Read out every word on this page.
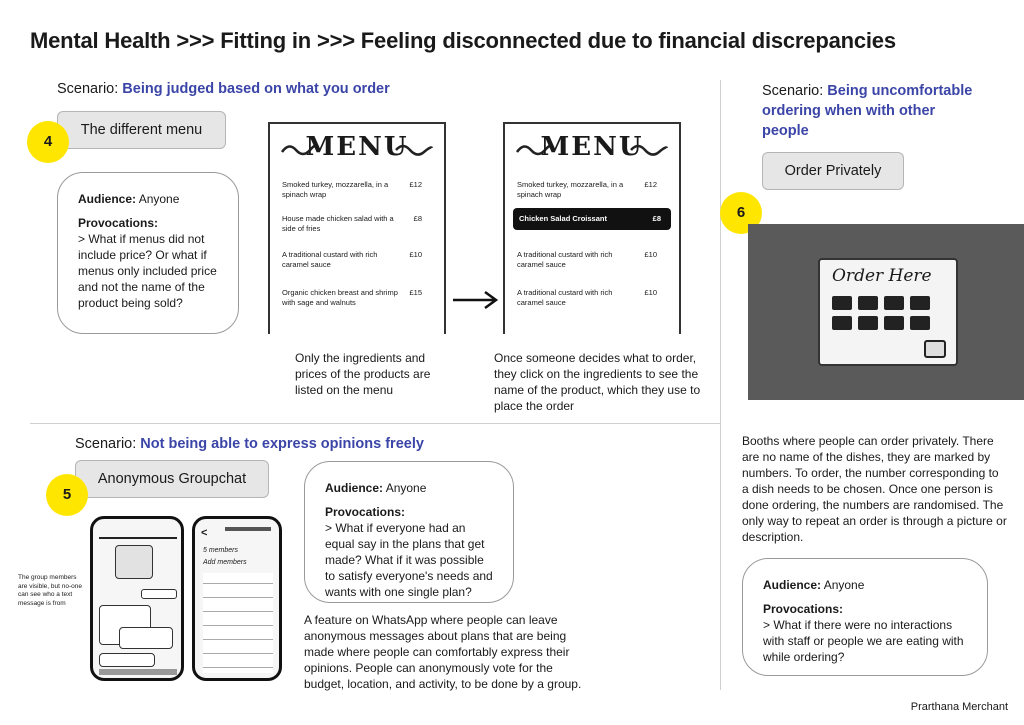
Mental Health >>> Fitting in >>> Feeling disconnected due to financial discrepancies
Scenario: Being judged based on what you order
The different menu
4

Audience: Anyone

Provocations:

> What if menus did not include price? Or what if menus only included price and not the name of the product being sold?

MENU
Smoked turkey, mozzarella, in a spinach wrap
£12
House made chicken salad with a side of fries
£8
A traditional custard with rich caramel sauce
£10
Organic chicken breast and shrimp with sage and walnuts
£15
MENU
Smoked turkey, mozzarella, in a spinach wrap
£12
Chicken Salad Croissant	£8
A traditional custard with rich caramel sauce
£10
A traditional custard with rich caramel sauce
£10
Only the ingredients and prices of the products are listed on the menu
Once someone decides what to order, they click on the ingredients to see the name of the product, which they use to place the order
Scenario: Not being able to express opinions freely
Anonymous Groupchat
5
The group members are visible, but no-one can see who a text message is from
<
5 members
Add members

Audience: Anyone

Provocations:

> What if everyone had an equal say in the plans that get made? What if it was possible to satisfy everyone's needs and wants with one single plan?

A feature on WhatsApp where people can leave anonymous messages about plans that are being made where people can comfortably express their opinions. People can anonymously vote for the budget, location, and activity, to be done by a group.
Scenario: Being uncomfortable ordering when with other people
Order Privately
6
Order Here
Booths where people can order privately. There are no name of the dishes, they are marked by numbers. To order, the number corresponding to a dish needs to be chosen. Once one person is done ordering, the numbers are randomised. The only way to repeat an order is through a picture or description.

Audience: Anyone

Provocations:

> What if there were no interactions with staff or people we are eating with while ordering?

Prarthana Merchant
